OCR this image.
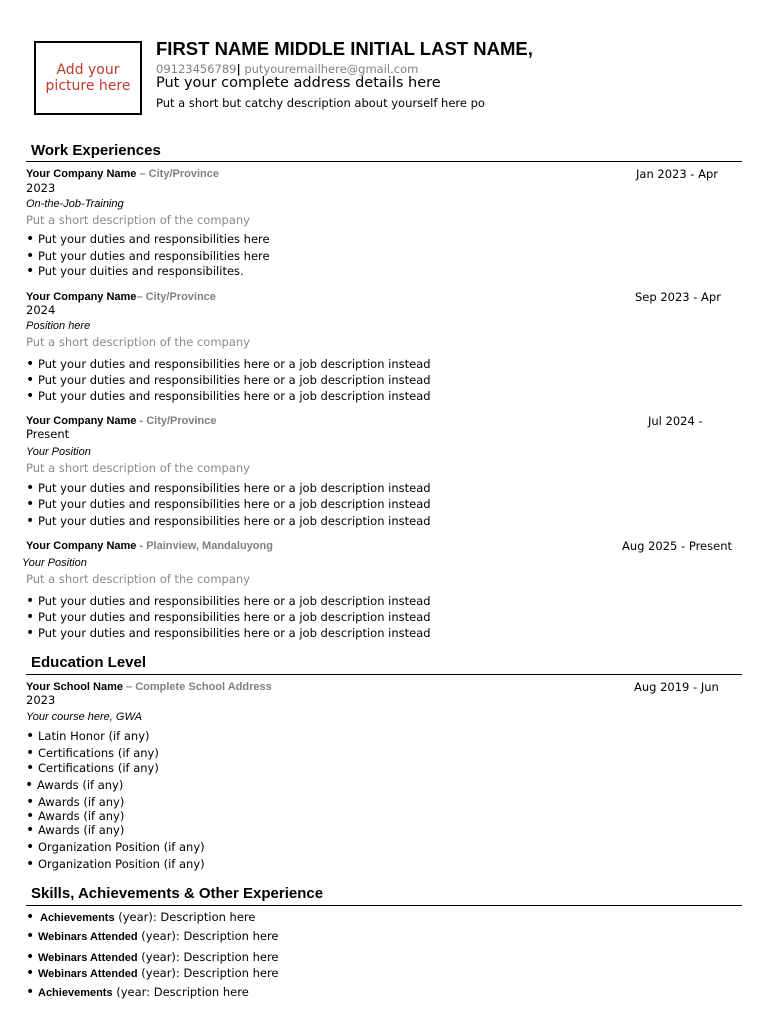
Add your picture here
FIRST NAME MIDDLE INITIAL LAST NAME,
09123456789| putyouremailhere@gmail.com
Put your complete address details here
Put a short but catchy description about yourself here po
Work Experiences
Your Company Name – City/Province	Jan 2023 - Apr
2023
On-the-Job-Training
Put a short description of the company
• Put your duties and responsibilities here
• Put your duties and responsibilities here
• Put your duities and responsibilites.
Your Company Name– City/Province	Sep 2023 - Apr
2024
Position here
Put a short description of the company
• Put your duties and responsibilities here or a job description instead
• Put your duties and responsibilities here or a job description instead
• Put your duties and responsibilities here or a job description instead
Your Company Name - City/Province	Jul 2024 -
Present
Your Position
Put a short description of the company
• Put your duties and responsibilities here or a job description instead
• Put your duties and responsibilities here or a job description instead
• Put your duties and responsibilities here or a job description instead
Your Company Name - Plainview, Mandaluyong	Aug 2025 - Present
Your Position
Put a short description of the company
• Put your duties and responsibilities here or a job description instead
• Put your duties and responsibilities here or a job description instead
• Put your duties and responsibilities here or a job description instead
Education Level
Your School Name – Complete School Address	Aug 2019 - Jun
2023
Your course here, GWA
• Latin Honor (if any)
• Certifications (if any)
• Certifications (if any)
• Awards (if any)
• Awards (if any)
• Awards (if any)
• Awards (if any)
• Organization Position (if any)
• Organization Position (if any)
Skills, Achievements & Other Experience
• Achievements (year): Description here
• Webinars Attended (year): Description here
• Webinars Attended (year): Description here
• Webinars Attended (year): Description here
• Achievements (year: Description here
